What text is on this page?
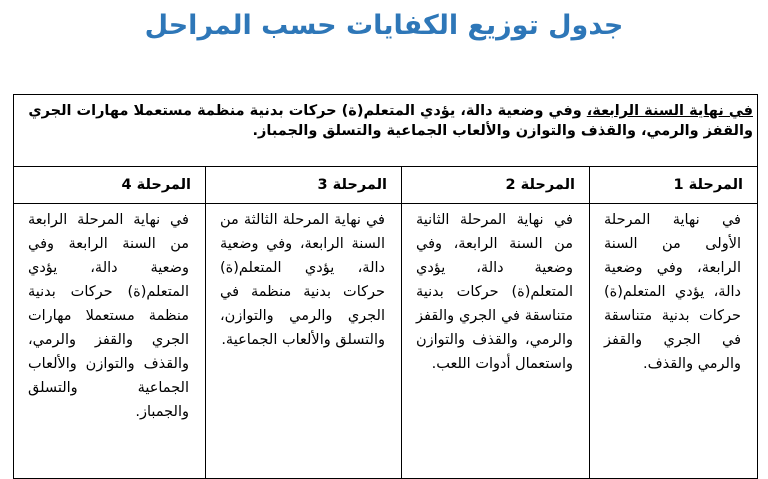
جدول توزيع الكفايات حسب المراحل
في نهاية السنة الرابعة، وفي وضعية دالة، يؤدي المتعلم(ة) حركات بدنية منظمة مستعملا مهارات الجري والقفز والرمي، والقذف والتوازن والألعاب الجماعية والتسلق والجمباز.			
المرحلة 1	المرحلة 2	المرحلة 3	المرحلة 4
في نهاية المرحلة الأولى من السنة الرابعة، وفي وضعية دالة، يؤدي المتعلم(ة) حركات بدنية متناسقة في الجري والقفز والرمي والقذف.	في نهاية المرحلة الثانية من السنة الرابعة، وفي وضعية دالة، يؤدي المتعلم(ة) حركات بدنية متناسقة في الجري والقفز والرمي، والقذف والتوازن واستعمال أدوات اللعب.	في نهاية المرحلة الثالثة من السنة الرابعة، وفي وضعية دالة، يؤدي المتعلم(ة) حركات بدنية منظمة في الجري والرمي والتوازن، والتسلق والألعاب الجماعية.	في نهاية المرحلة الرابعة من السنة الرابعة وفي وضعية دالة، يؤدي المتعلم(ة) حركات بدنية منظمة مستعملا مهارات الجري والقفز والرمي، والقذف والتوازن والألعاب الجماعية والتسلق والجمباز.
